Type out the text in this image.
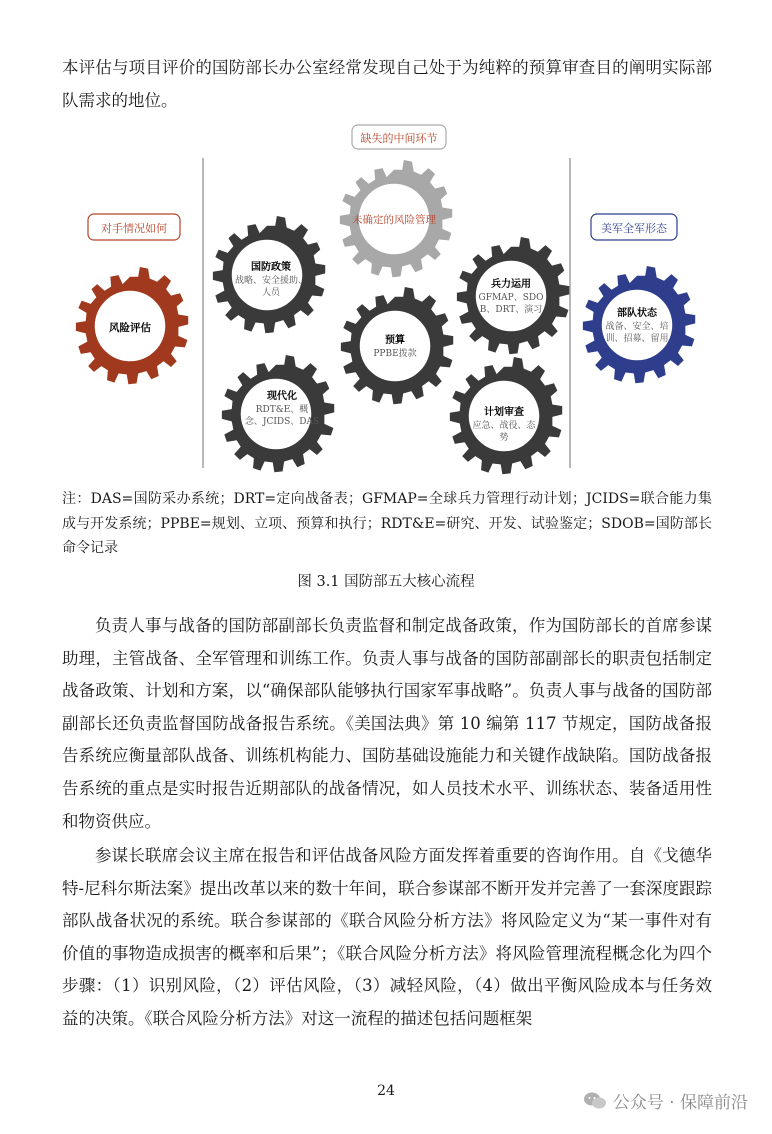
本评估与项目评价的国防部长办公室经常发现自己处于为纯粹的预算审查目的阐明实际部队需求的地位。

缺失的中间环节
对手情况如何	美军全军形态
未确定的风险管理
国防政策
战略、安全援助、
人员
兵力运用
GFMAP、SDO
B、DRT、演习
预算
PPBE拨款
现代化
RDT&E、概
念、JCIDS、DAS
计划审查
应急、战役、态
势
风险评估
部队状态
战备、安全、培
训、招募、留用
注：DAS=国防采办系统；DRT=定向战备表；GFMAP=全球兵力管理行动计划；JCIDS=联合能力集成与开发系统；PPBE=规划、立项、预算和执行；RDT&E=研究、开发、试验鉴定；SDOB=国防部长命令记录
图 3.1 国防部五大核心流程

负责人事与战备的国防部副部长负责监督和制定战备政策，作为国防部长的首席参谋助理，主管战备、全军管理和训练工作。负责人事与战备的国防部副部长的职责包括制定战备政策、计划和方案，以“确保部队能够执行国家军事战略”。负责人事与战备的国防部副部长还负责监督国防战备报告系统。《美国法典》第 10 编第 117 节规定，国防战备报告系统应衡量部队战备、训练机构能力、国防基础设施能力和关键作战缺陷。国防战备报告系统的重点是实时报告近期部队的战备情况，如人员技术水平、训练状态、装备适用性和物资供应。

参谋长联席会议主席在报告和评估战备风险方面发挥着重要的咨询作用。自《戈德华特-尼科尔斯法案》提出改革以来的数十年间，联合参谋部不断开发并完善了一套深度跟踪部队战备状况的系统。联合参谋部的《联合风险分析方法》将风险定义为“某一事件对有价值的事物造成损害的概率和后果”；《联合风险分析方法》将风险管理流程概念化为四个步骤：（1）识别风险，（2）评估风险，（3）减轻风险，（4）做出平衡风险成本与任务效益的决策。《联合风险分析方法》对这一流程的描述包括问题框架

24
公众号 · 保障前沿
